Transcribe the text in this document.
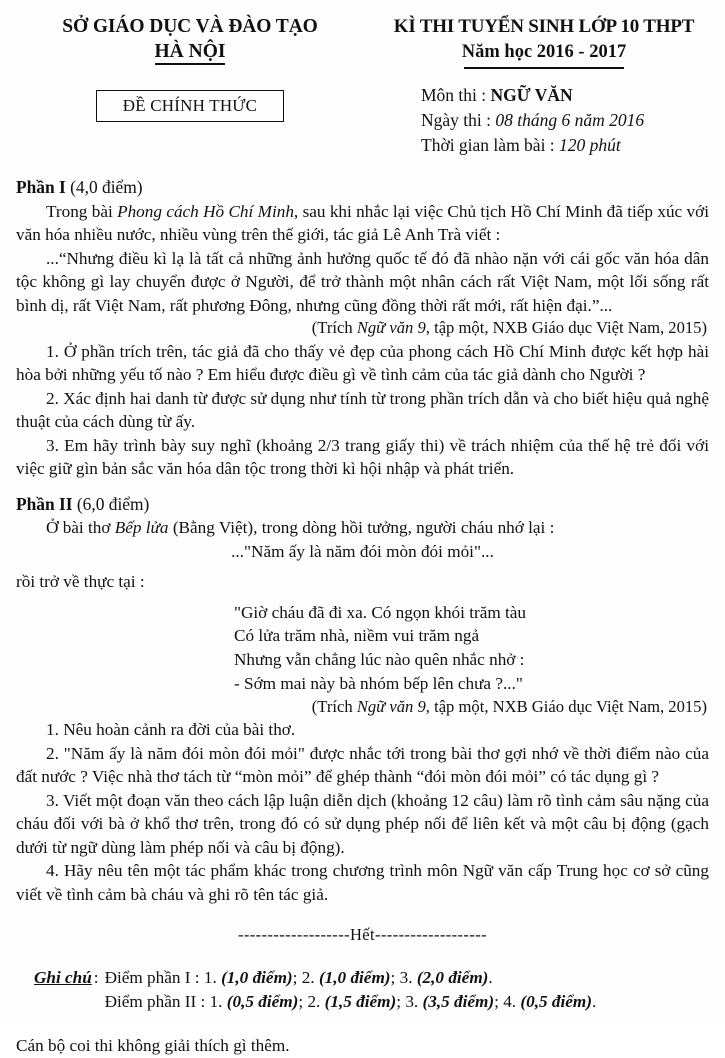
SỞ GIÁO DỤC VÀ ĐÀO TẠO
HÀ NỘI
ĐỀ CHÍNH THỨC
KÌ THI TUYỂN SINH LỚP 10 THPT
Năm học 2016 - 2017
Môn thi : NGỮ VĂN
Ngày thi : 08 tháng 6 năm 2016
Thời gian làm bài : 120 phút
Phần I (4,0 điểm)

Trong bài Phong cách Hồ Chí Minh, sau khi nhắc lại việc Chủ tịch Hồ Chí Minh đã tiếp xúc với văn hóa nhiều nước, nhiều vùng trên thế giới, tác giả Lê Anh Trà viết :

...“Nhưng điều kì lạ là tất cả những ảnh hưởng quốc tế đó đã nhào nặn với cái gốc văn hóa dân tộc không gì lay chuyển được ở Người, để trở thành một nhân cách rất Việt Nam, một lối sống rất bình dị, rất Việt Nam, rất phương Đông, nhưng cũng đồng thời rất mới, rất hiện đại.”...

(Trích Ngữ văn 9, tập một, NXB Giáo dục Việt Nam, 2015)

1. Ở phần trích trên, tác giả đã cho thấy vẻ đẹp của phong cách Hồ Chí Minh được kết hợp hài hòa bởi những yếu tố nào ? Em hiểu được điều gì về tình cảm của tác giả dành cho Người ?

2. Xác định hai danh từ được sử dụng như tính từ trong phần trích dẫn và cho biết hiệu quả nghệ thuật của cách dùng từ ấy.

3. Em hãy trình bày suy nghĩ (khoảng 2/3 trang giấy thi) về trách nhiệm của thế hệ trẻ đối với việc giữ gìn bản sắc văn hóa dân tộc trong thời kì hội nhập và phát triển.

Phần II (6,0 điểm)

Ở bài thơ Bếp lửa (Bằng Việt), trong dòng hồi tưởng, người cháu nhớ lại :

..."Năm ấy là năm đói mòn đói mỏi"...

rồi trở về thực tại :

"Giờ cháu đã đi xa. Có ngọn khói trăm tàu

Có lửa trăm nhà, niềm vui trăm ngả

Nhưng vẫn chẳng lúc nào quên nhắc nhở :

- Sớm mai này bà nhóm bếp lên chưa ?..."

(Trích Ngữ văn 9, tập một, NXB Giáo dục Việt Nam, 2015)

1. Nêu hoàn cảnh ra đời của bài thơ.

2. "Năm ấy là năm đói mòn đói mỏi" được nhắc tới trong bài thơ gợi nhớ về thời điểm nào của đất nước ? Việc nhà thơ tách từ “mòn mỏi” để ghép thành “đói mòn đói mỏi” có tác dụng gì ?

3. Viết một đoạn văn theo cách lập luận diễn dịch (khoảng 12 câu) làm rõ tình cảm sâu nặng của cháu đối với bà ở khổ thơ trên, trong đó có sử dụng phép nối để liên kết và một câu bị động (gạch dưới từ ngữ dùng làm phép nối và câu bị động).

4. Hãy nêu tên một tác phẩm khác trong chương trình môn Ngữ văn cấp Trung học cơ sở cũng viết về tình cảm bà cháu và ghi rõ tên tác giả.

-------------------Hết-------------------
Ghi chú : Điểm phần I : 1. (1,0 điểm); 2. (1,0 điểm); 3. (2,0 điểm).
Điểm phần II : 1. (0,5 điểm); 2. (1,5 điểm); 3. (3,5 điểm); 4. (0,5 điểm).
Cán bộ coi thi không giải thích gì thêm.
